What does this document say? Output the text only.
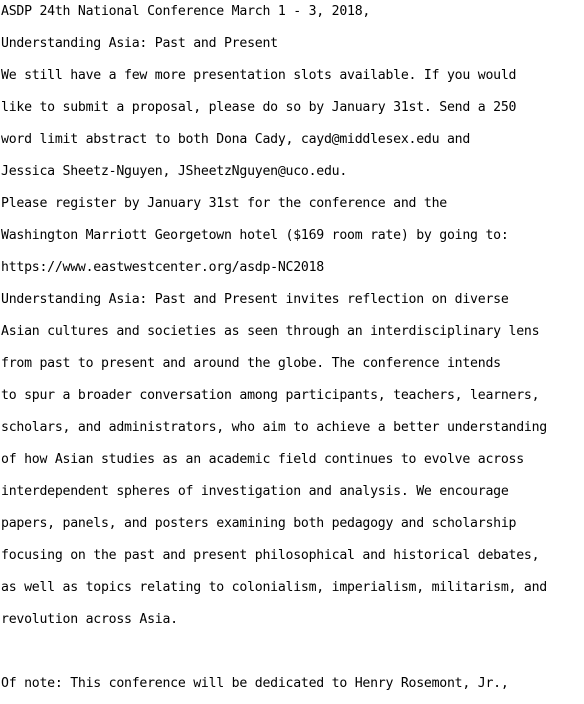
ASDP 24th National Conference March 1 - 3, 2018,
Understanding Asia: Past and Present
We still have a few more presentation slots available. If you would
like to submit a proposal, please do so by January 31st. Send a 250
word limit abstract to both Dona Cady, cayd@middlesex.edu and
Jessica Sheetz-Nguyen, JSheetzNguyen@uco.edu.
Please register by January 31st for the conference and the
Washington Marriott Georgetown hotel ($169 room rate) by going to:
https://www.eastwestcenter.org/asdp-NC2018
Understanding Asia: Past and Present invites reflection on diverse
Asian cultures and societies as seen through an interdisciplinary lens
from past to present and around the globe. The conference intends
to spur a broader conversation among participants, teachers, learners,
scholars, and administrators, who aim to achieve a better understanding
of how Asian studies as an academic field continues to evolve across
interdependent spheres of investigation and analysis. We encourage
papers, panels, and posters examining both pedagogy and scholarship
focusing on the past and present philosophical and historical debates,
as well as topics relating to colonialism, imperialism, militarism, and
revolution across Asia.
Of note: This conference will be dedicated to Henry Rosemont, Jr.,
